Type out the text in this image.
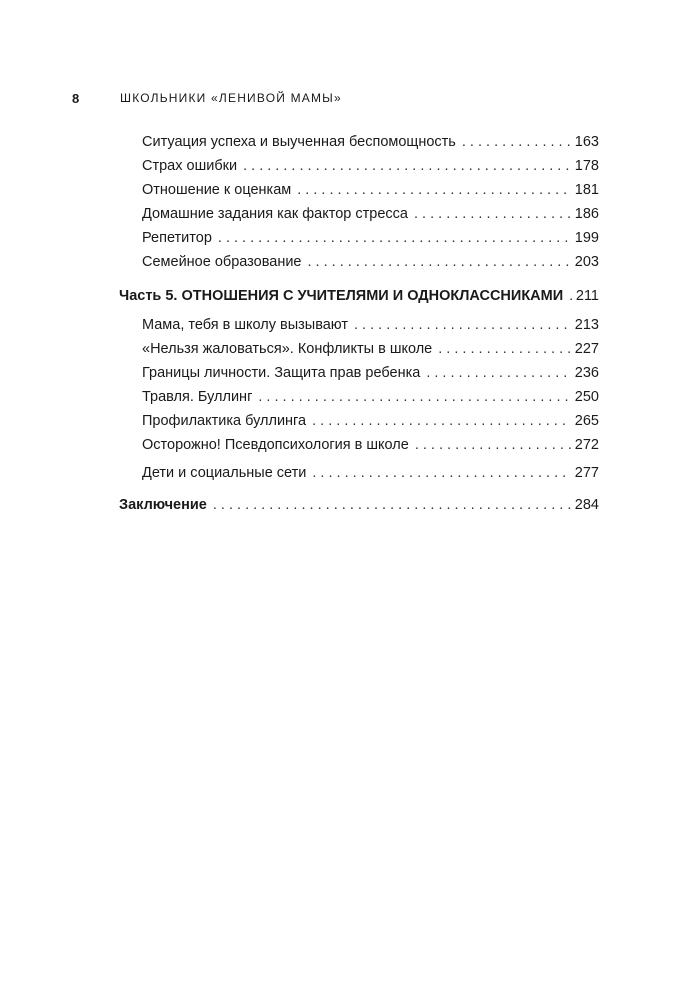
8	ШКОЛЬНИКИ «ЛЕНИВОЙ МАМЫ»
Ситуация успеха и выученная беспомощность . . .	163
Страх ошибки . . .	178
Отношение к оценкам . . .	181
Домашние задания как фактор стресса . . .	186
Репетитор . . .	199
Семейное образование . . .	203
Часть 5. ОТНОШЕНИЯ С УЧИТЕЛЯМИ И ОДНОКЛАССНИКАМИ . . . 211
Мама, тебя в школу вызывают . . .	213
«Нельзя жаловаться». Конфликты в школе . . .	227
Границы личности. Защита прав ребенка . . .	236
Травля. Буллинг . . .	250
Профилактика буллинга . . .	265
Осторожно! Псевдопсихология в школе . . .	272
Дети и социальные сети . . .	277
Заключение . . .	284
